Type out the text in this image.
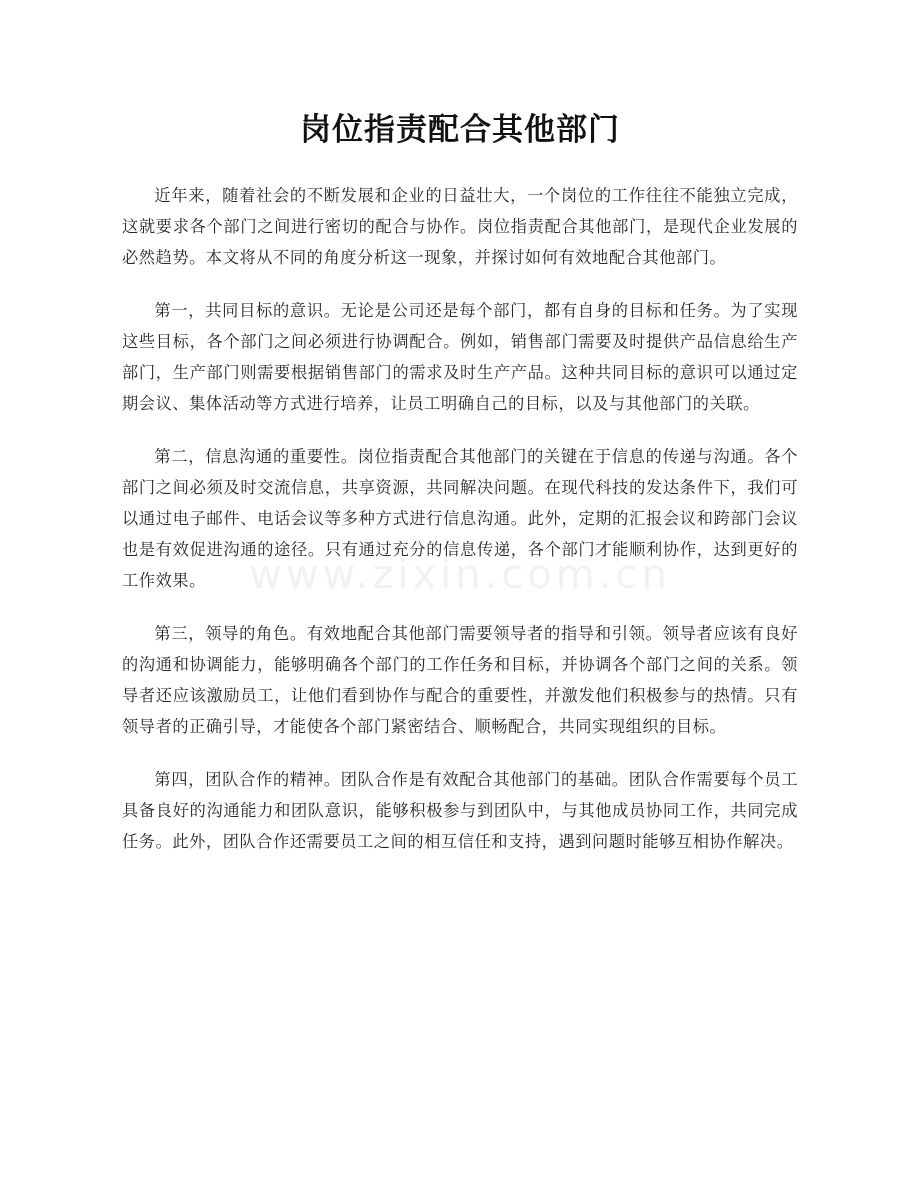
岗位指责配合其他部门
www.zixin.com.cn

近年来，随着社会的不断发展和企业的日益壮大，一个岗位的工作往往不能独立完成，这就要求各个部门之间进行密切的配合与协作。岗位指责配合其他部门，是现代企业发展的必然趋势。本文将从不同的角度分析这一现象，并探讨如何有效地配合其他部门。

第一，共同目标的意识。无论是公司还是每个部门，都有自身的目标和任务。为了实现这些目标，各个部门之间必须进行协调配合。例如，销售部门需要及时提供产品信息给生产部门，生产部门则需要根据销售部门的需求及时生产产品。这种共同目标的意识可以通过定期会议、集体活动等方式进行培养，让员工明确自己的目标，以及与其他部门的关联。

第二，信息沟通的重要性。岗位指责配合其他部门的关键在于信息的传递与沟通。各个部门之间必须及时交流信息，共享资源，共同解决问题。在现代科技的发达条件下，我们可以通过电子邮件、电话会议等多种方式进行信息沟通。此外，定期的汇报会议和跨部门会议也是有效促进沟通的途径。只有通过充分的信息传递，各个部门才能顺利协作，达到更好的工作效果。

第三，领导的角色。有效地配合其他部门需要领导者的指导和引领。领导者应该有良好的沟通和协调能力，能够明确各个部门的工作任务和目标，并协调各个部门之间的关系。领导者还应该激励员工，让他们看到协作与配合的重要性，并激发他们积极参与的热情。只有领导者的正确引导，才能使各个部门紧密结合、顺畅配合，共同实现组织的目标。

第四，团队合作的精神。团队合作是有效配合其他部门的基础。团队合作需要每个员工具备良好的沟通能力和团队意识，能够积极参与到团队中，与其他成员协同工作，共同完成任务。此外，团队合作还需要员工之间的相互信任和支持，遇到问题时能够互相协作解决。
